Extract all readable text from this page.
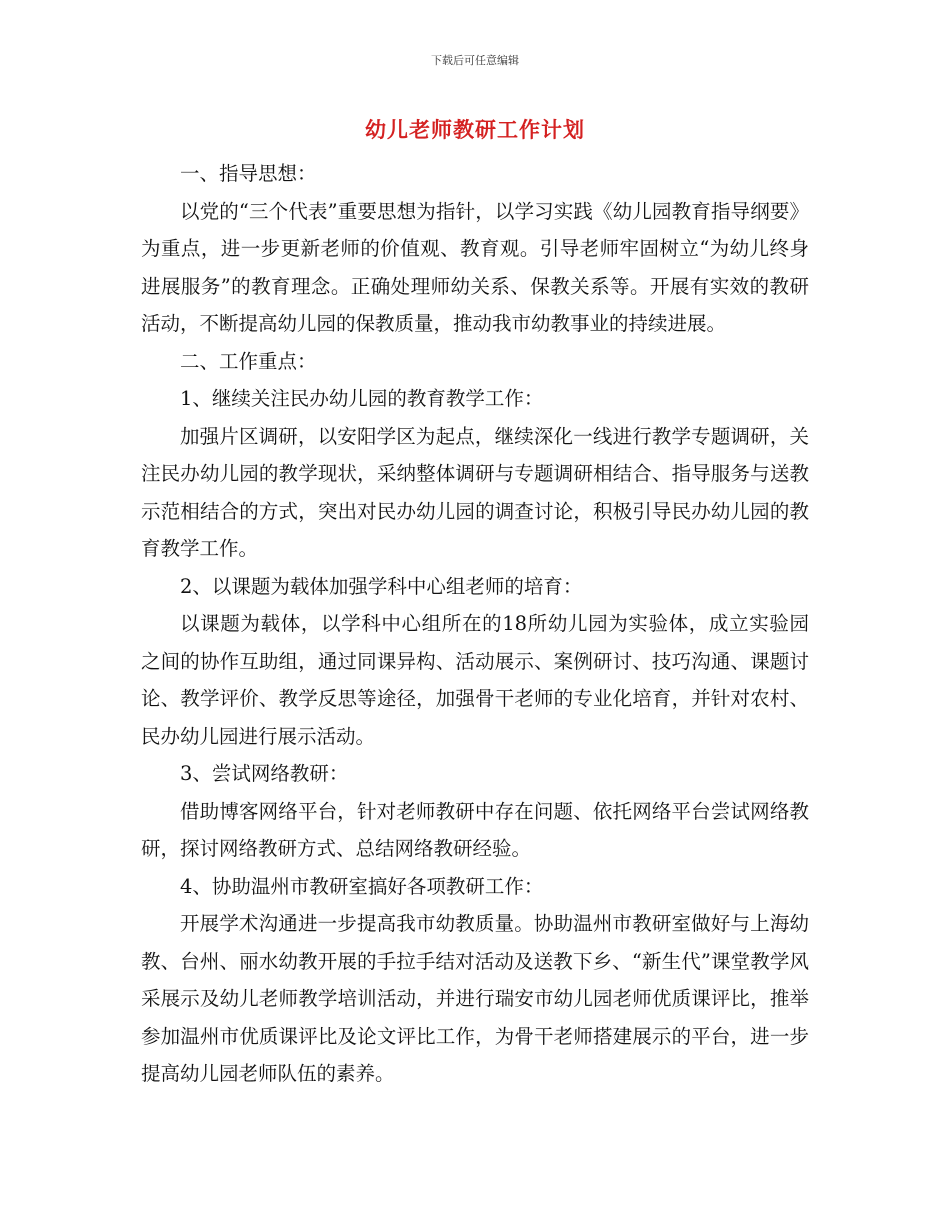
下载后可任意编辑
幼儿老师教研工作计划

一、指导思想：

以党的“三个代表”重要思想为指针，以学习实践《幼儿园教育指导纲要》为重点，进一步更新老师的价值观、教育观。引导老师牢固树立“为幼儿终身进展服务”的教育理念。正确处理师幼关系、保教关系等。开展有实效的教研活动，不断提高幼儿园的保教质量，推动我市幼教事业的持续进展。

二、工作重点：

1、继续关注民办幼儿园的教育教学工作：

加强片区调研，以安阳学区为起点，继续深化一线进行教学专题调研，关注民办幼儿园的教学现状，采纳整体调研与专题调研相结合、指导服务与送教示范相结合的方式，突出对民办幼儿园的调查讨论，积极引导民办幼儿园的教育教学工作。

2、以课题为载体加强学科中心组老师的培育：

以课题为载体，以学科中心组所在的18所幼儿园为实验体，成立实验园之间的协作互助组，通过同课异构、活动展示、案例研讨、技巧沟通、课题讨论、教学评价、教学反思等途径，加强骨干老师的专业化培育，并针对农村、民办幼儿园进行展示活动。

3、尝试网络教研：

借助博客网络平台，针对老师教研中存在问题、依托网络平台尝试网络教研，探讨网络教研方式、总结网络教研经验。

4、协助温州市教研室搞好各项教研工作：

开展学术沟通进一步提高我市幼教质量。协助温州市教研室做好与上海幼教、台州、丽水幼教开展的手拉手结对活动及送教下乡、“新生代”课堂教学风采展示及幼儿老师教学培训活动，并进行瑞安市幼儿园老师优质课评比，推举参加温州市优质课评比及论文评比工作，为骨干老师搭建展示的平台，进一步提高幼儿园老师队伍的素养。
